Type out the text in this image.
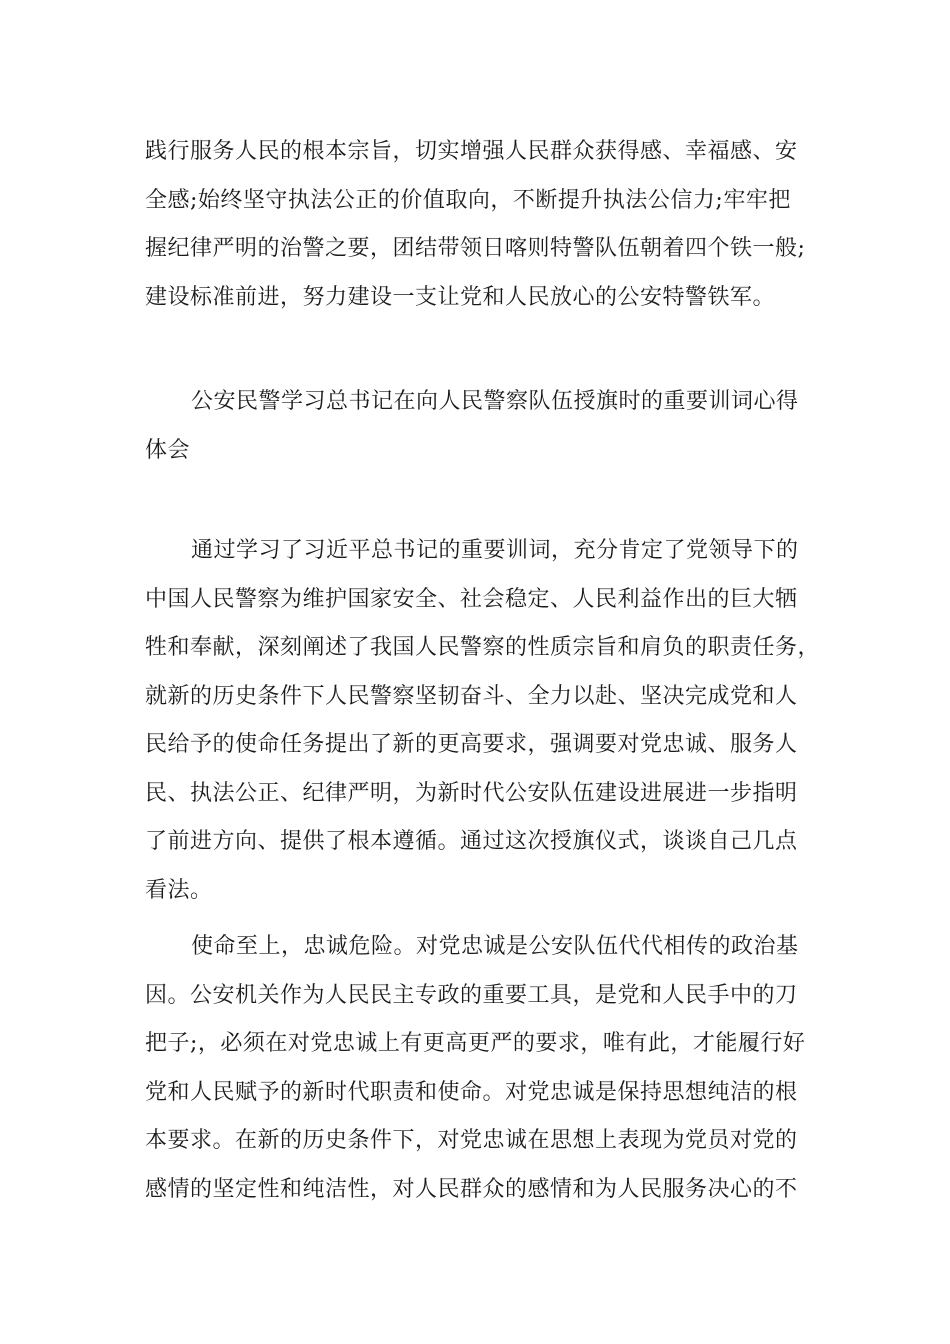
践行服务人民的根本宗旨，切实增强人民群众获得感、幸福感、安
全感;始终坚守执法公正的价值取向，不断提升执法公信力;牢牢把
握纪律严明的治警之要，团结带领日喀则特警队伍朝着四个铁一般;
建设标准前进，努力建设一支让党和人民放心的公安特警铁军。
公安民警学习总书记在向人民警察队伍授旗时的重要训词心得
体会
通过学习了习近平总书记的重要训词，充分肯定了党领导下的
中国人民警察为维护国家安全、社会稳定、人民利益作出的巨大牺
牲和奉献，深刻阐述了我国人民警察的性质宗旨和肩负的职责任务，
就新的历史条件下人民警察坚韧奋斗、全力以赴、坚决完成党和人
民给予的使命任务提出了新的更高要求，强调要对党忠诚、服务人
民、执法公正、纪律严明，为新时代公安队伍建设进展进一步指明
了前进方向、提供了根本遵循。通过这次授旗仪式，谈谈自己几点
看法。
使命至上，忠诚危险。对党忠诚是公安队伍代代相传的政治基
因。公安机关作为人民民主专政的重要工具，是党和人民手中的刀
把子;，必须在对党忠诚上有更高更严的要求，唯有此，才能履行好
党和人民赋予的新时代职责和使命。对党忠诚是保持思想纯洁的根
本要求。在新的历史条件下，对党忠诚在思想上表现为党员对党的
感情的坚定性和纯洁性，对人民群众的感情和为人民服务决心的不
